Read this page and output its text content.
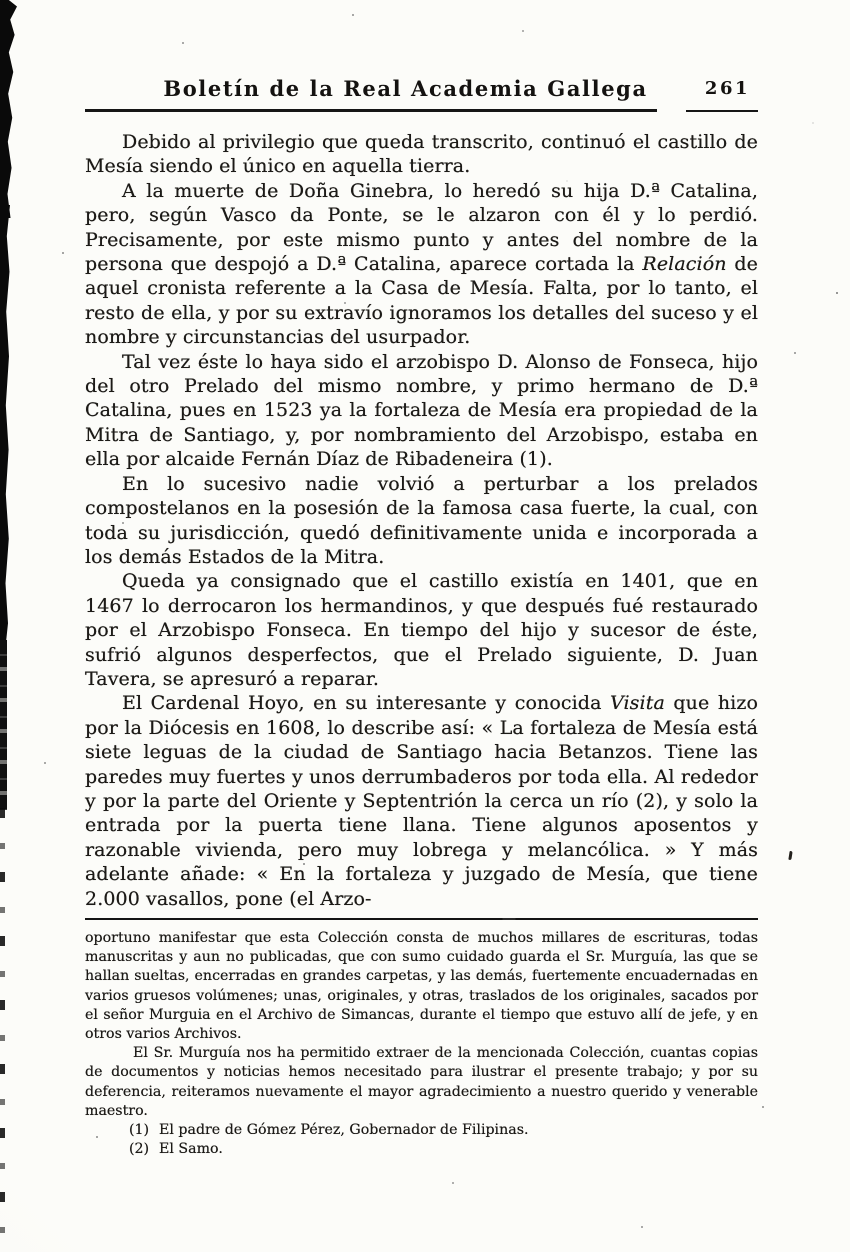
Boletín de la Real Academia Gallega	261

Debido al privilegio que queda transcrito, continuó el castillo de Mesía siendo el único en aquella tierra.

A la muerte de Doña Ginebra, lo heredó su hija D.ª Catalina, pero, según Vasco da Ponte, se le alzaron con él y lo perdió. Precisamente, por este mismo punto y antes del nombre de la persona que despojó a D.ª Catalina, aparece cortada la Relación de aquel cronista referente a la Casa de Mesía. Falta, por lo tanto, el resto de ella, y por su extravío ignoramos los detalles del suceso y el nombre y circunstancias del usurpador.

Tal vez éste lo haya sido el arzobispo D. Alonso de Fonseca, hijo del otro Prelado del mismo nombre, y primo hermano de D.ª Catalina, pues en 1523 ya la fortaleza de Mesía era propiedad de la Mitra de Santiago, y, por nombramiento del Arzobispo, estaba en ella por alcaide Fernán Díaz de Ribadeneira (1).

En lo sucesivo nadie volvió a perturbar a los prelados compostelanos en la posesión de la famosa casa fuerte, la cual, con toda su jurisdicción, quedó definitivamente unida e incorporada a los demás Estados de la Mitra.

Queda ya consignado que el castillo existía en 1401, que en 1467 lo derrocaron los hermandinos, y que después fué restaurado por el Arzobispo Fonseca. En tiempo del hijo y sucesor de éste, sufrió algunos desperfectos, que el Prelado siguiente, D. Juan Tavera, se apresuró a reparar.

El Cardenal Hoyo, en su interesante y conocida Visita que hizo por la Diócesis en 1608, lo describe así: « La fortaleza de Mesía está siete leguas de la ciudad de Santiago hacia Betanzos. Tiene las paredes muy fuertes y unos derrumbaderos por toda ella. Al rededor y por la parte del Oriente y Septentrión la cerca un río (2), y solo la entrada por la puerta tiene llana. Tiene algunos aposentos y razonable vivienda, pero muy lobrega y melancólica. » Y más adelante añade: « En la fortaleza y juzgado de Mesía, que tiene 2.000 vasallos, pone (el Arzo-

oportuno manifestar que esta Colección consta de muchos millares de escrituras, todas manuscritas y aun no publicadas, que con sumo cuidado guarda el Sr. Murguía, las que se hallan sueltas, encerradas en grandes carpetas, y las demás, fuertemente encuadernadas en varios gruesos volúmenes; unas, originales, y otras, traslados de los originales, sacados por el señor Murguia en el Archivo de Simancas, durante el tiempo que estuvo allí de jefe, y en otros varios Archivos.

El Sr. Murguía nos ha permitido extraer de la mencionada Colección, cuantas copias de documentos y noticias hemos necesitado para ilustrar el presente trabajo; y por su deferencia, reiteramos nuevamente el mayor agradecimiento a nuestro querido y venerable maestro.

(1) El padre de Gómez Pérez, Gobernador de Filipinas.

(2) El Samo.
